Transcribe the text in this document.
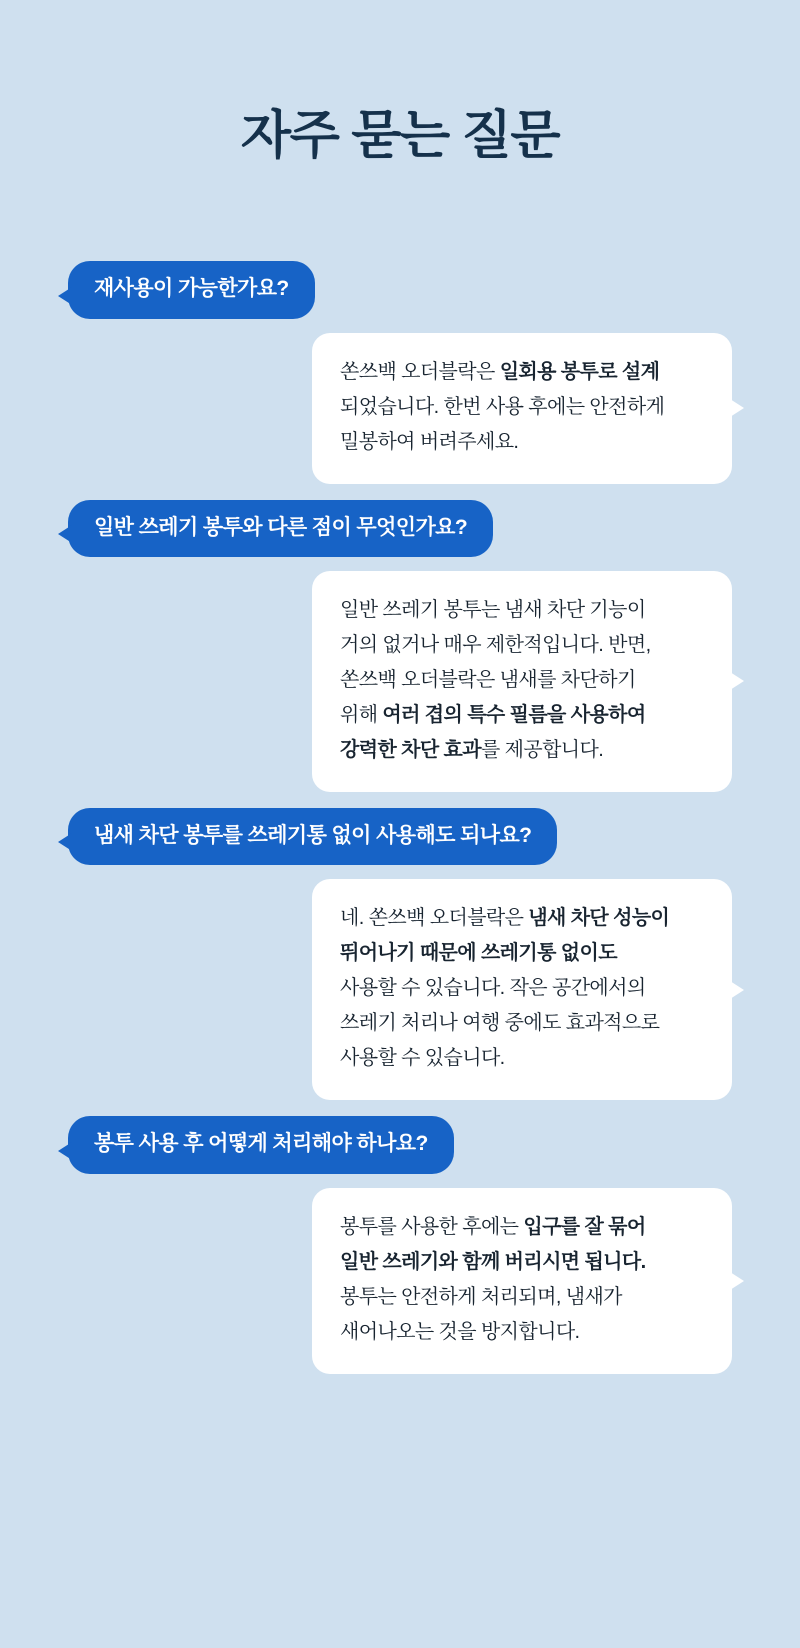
자주 묻는 질문
재사용이 가능한가요?
쏜쓰백 오더블락은 일회용 봉투로 설계
되었습니다. 한번 사용 후에는 안전하게
밀봉하여 버려주세요.
일반 쓰레기 봉투와 다른 점이 무엇인가요?
일반 쓰레기 봉투는 냄새 차단 기능이
거의 없거나 매우 제한적입니다. 반면,
쏜쓰백 오더블락은 냄새를 차단하기
위해 여러 겹의 특수 필름을 사용하여
강력한 차단 효과를 제공합니다.
냄새 차단 봉투를 쓰레기통 없이 사용해도 되나요?
네. 쏜쓰백 오더블락은 냄새 차단 성능이
뛰어나기 때문에 쓰레기통 없이도
사용할 수 있습니다. 작은 공간에서의
쓰레기 처리나 여행 중에도 효과적으로
사용할 수 있습니다.
봉투 사용 후 어떻게 처리해야 하나요?
봉투를 사용한 후에는 입구를 잘 묶어
일반 쓰레기와 함께 버리시면 됩니다.
봉투는 안전하게 처리되며, 냄새가
새어나오는 것을 방지합니다.
